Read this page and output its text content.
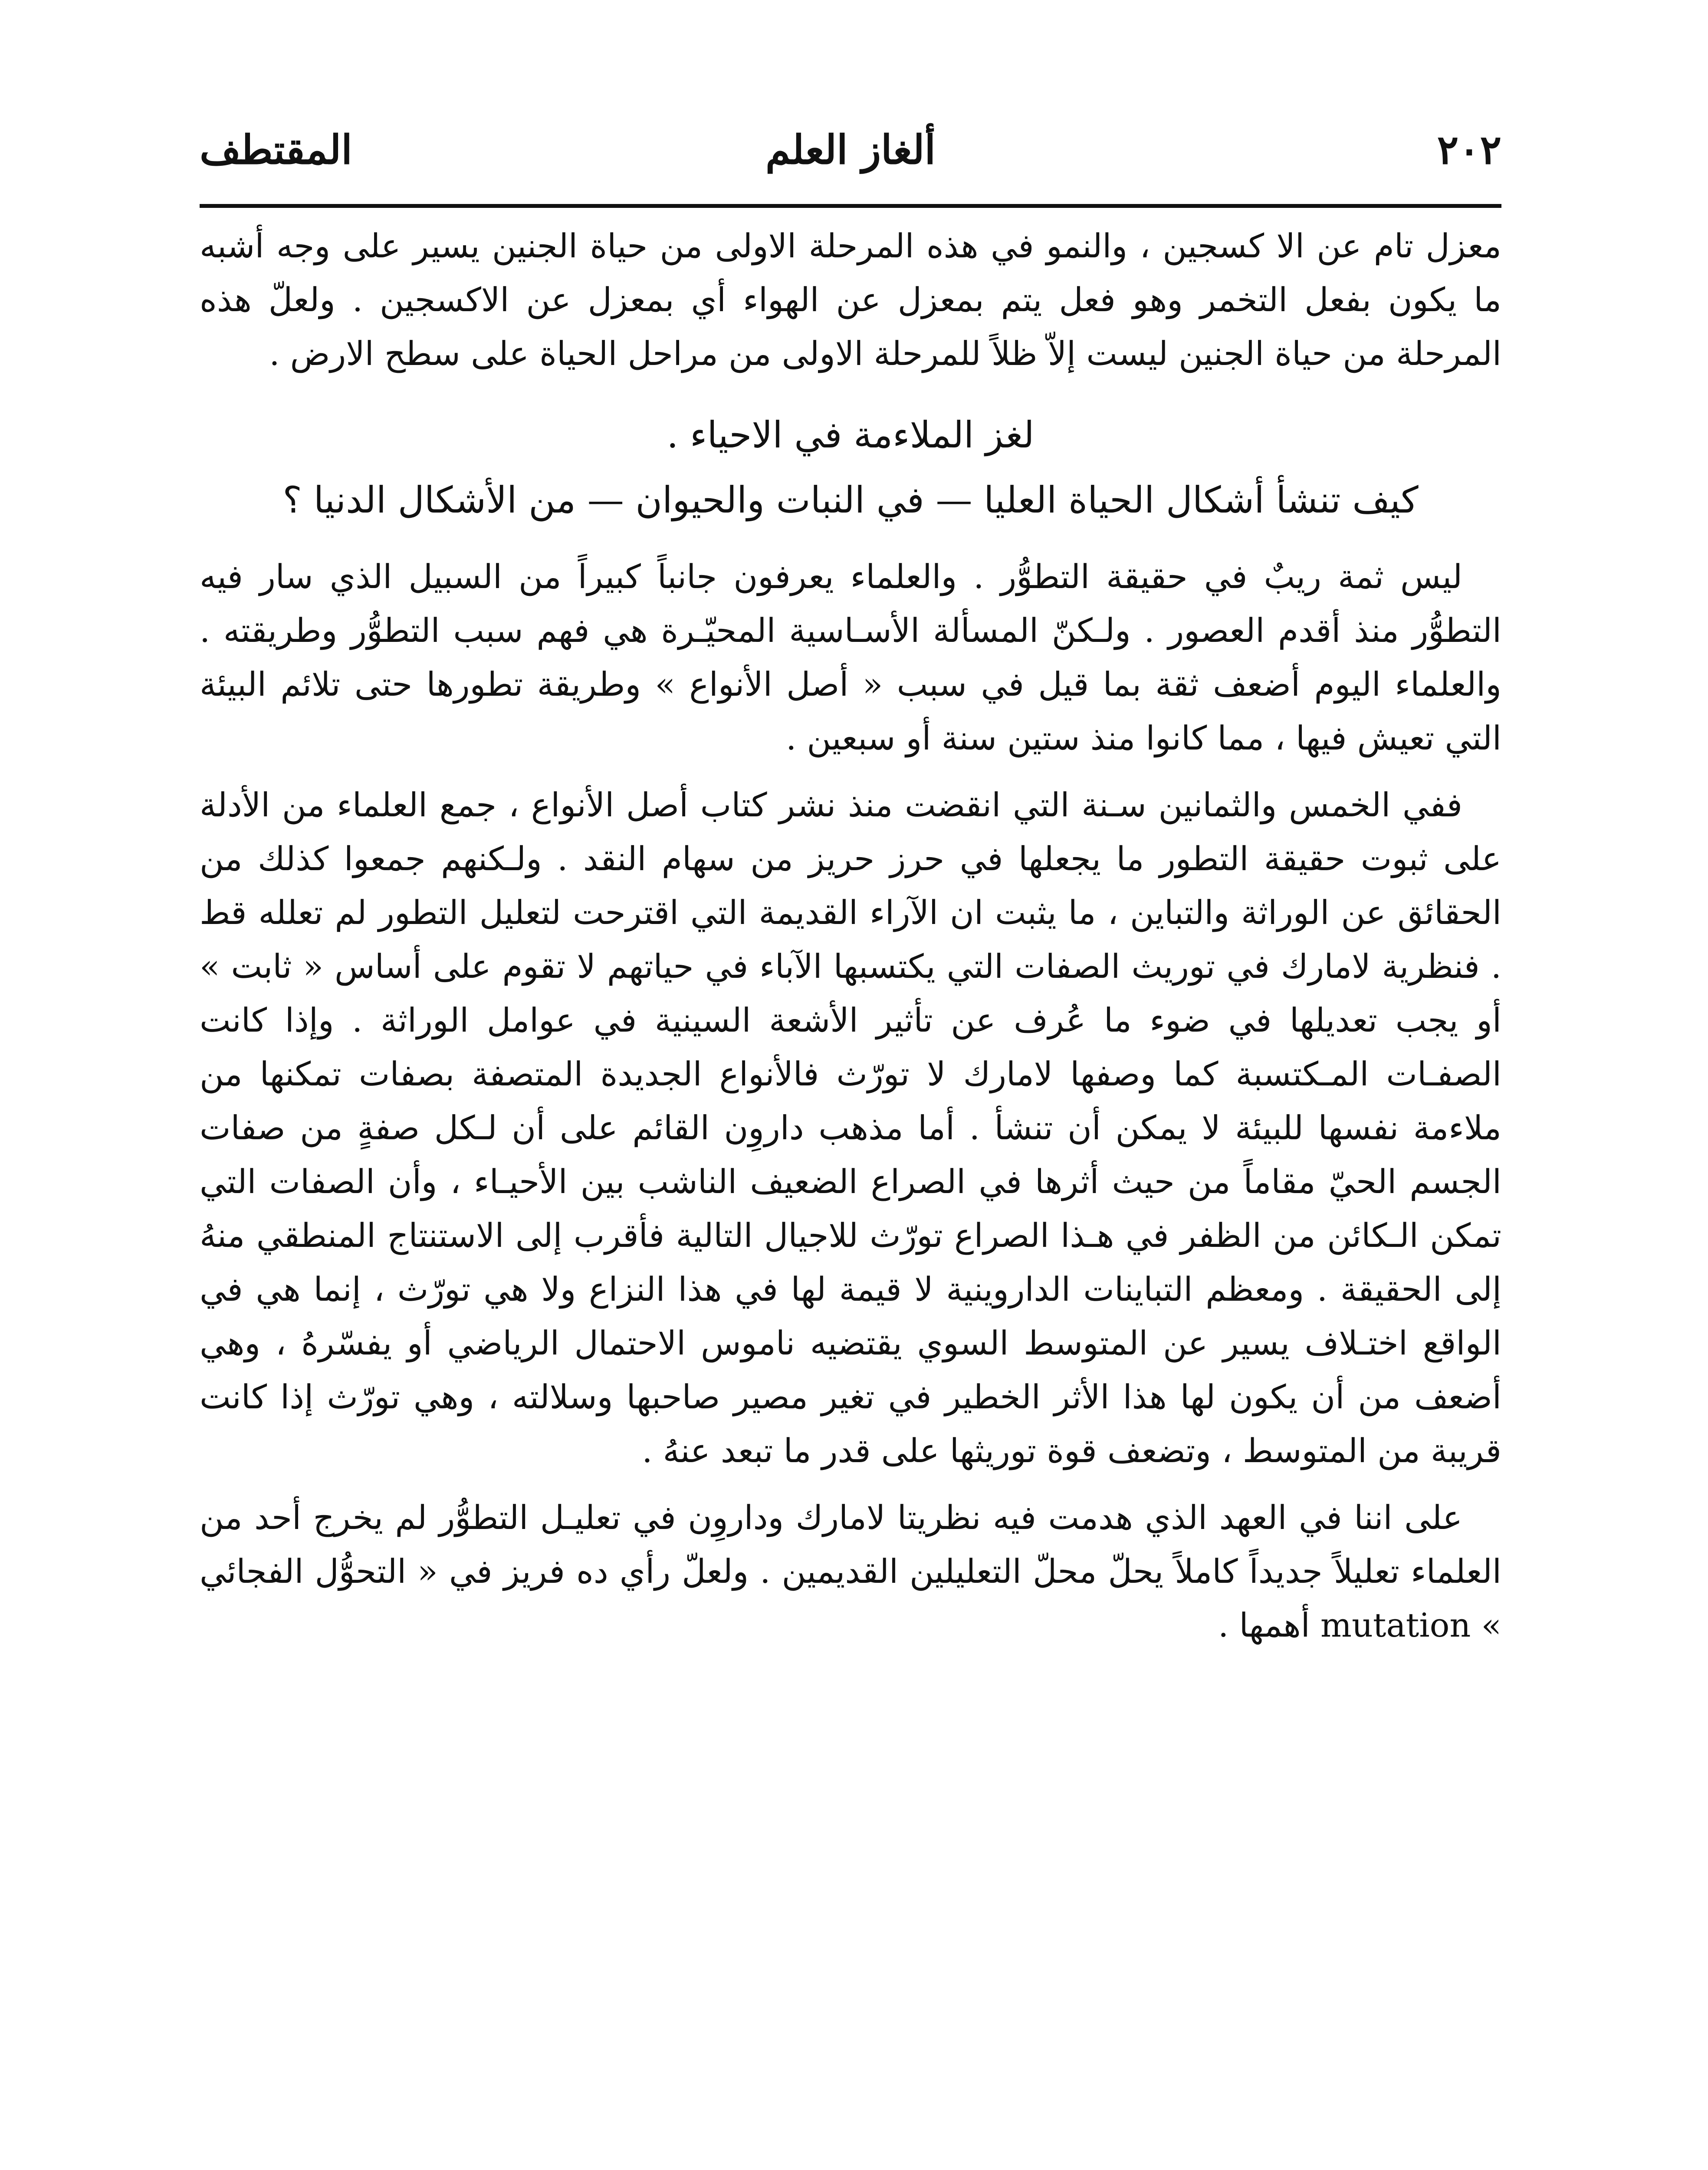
٢٠٢
ألغاز العلم
المقتطف

معزل تام عن الا كسجين ، والنمو في هذه المرحلة الاولى من حياة الجنين يسير على وجه أشبه ما يكون بفعل التخمر وهو فعل يتم بمعزل عن الهواء أي بمعزل عن الاكسجين . ولعلّ هذه المرحلة من حياة الجنين ليست إلاّ ظلاً للمرحلة الاولى من مراحل الحياة على سطح الارض .

لغز الملاءمة في الاحياء .

كيف تنشأ أشكال الحياة العليا — في النبات والحيوان — من الأشكال الدنيا ؟

ليس ثمة ريبٌ في حقيقة التطوُّر . والعلماء يعرفون جانباً كبيراً من السبيل الذي سار فيه التطوُّر منذ أقدم العصور . ولـكنّ المسألة الأسـاسية المحيّـرة هي فهم سبب التطوُّر وطريقته . والعلماء اليوم أضعف ثقة بما قيل في سبب « أصل الأنواع » وطريقة تطورها حتى تلائم البيئة التي تعيش فيها ، مما كانوا منذ ستين سنة أو سبعين .

ففي الخمس والثمانين سـنة التي انقضت منذ نشر كتاب أصل الأنواع ، جمع العلماء من الأدلة على ثبوت حقيقة التطور ما يجعلها في حرز حريز من سهام النقد . ولـكنهم جمعوا كذلك من الحقائق عن الوراثة والتباين ، ما يثبت ان الآراء القديمة التي اقترحت لتعليل التطور لم تعلله قط . فنظرية لامارك في توريث الصفات التي يكتسبها الآباء في حياتهم لا تقوم على أساس « ثابت » أو يجب تعديلها في ضوء ما عُرف عن تأثير الأشعة السينية في عوامل الوراثة . وإذا كانت الصفـات المـكتسبة كما وصفها لامارك لا تورّث فالأنواع الجديدة المتصفة بصفات تمكنها من ملاءمة نفسها للبيئة لا يمكن أن تنشأ . أما مذهب داروِن القائم على أن لـكل صفةٍ من صفات الجسم الحيّ مقاماً من حيث أثرها في الصراع الضعيف الناشب بين الأحيـاء ، وأن الصفات التي تمكن الـكائن من الظفر في هـذا الصراع تورّث للاجيال التالية فأقرب إلى الاستنتاج المنطقي منهُ إلى الحقيقة . ومعظم التباينات الداروينية لا قيمة لها في هذا النزاع ولا هي تورّث ، إنما هي في الواقع اختـلاف يسير عن المتوسط السوي يقتضيه ناموس الاحتمال الرياضي أو يفسّرهُ ، وهي أضعف من أن يكون لها هذا الأثر الخطير في تغير مصير صاحبها وسلالته ، وهي تورّث إذا كانت قريبة من المتوسط ، وتضعف قوة توريثها على قدر ما تبعد عنهُ .

على اننا في العهد الذي هدمت فيه نظريتا لامارك وداروِن في تعليـل التطوُّر لم يخرج أحد من العلماء تعليلاً جديداً كاملاً يحلّ محلّ التعليلين القديمين . ولعلّ رأي ده فريز في « التحوُّل الفجائي » mutation أهمها .
